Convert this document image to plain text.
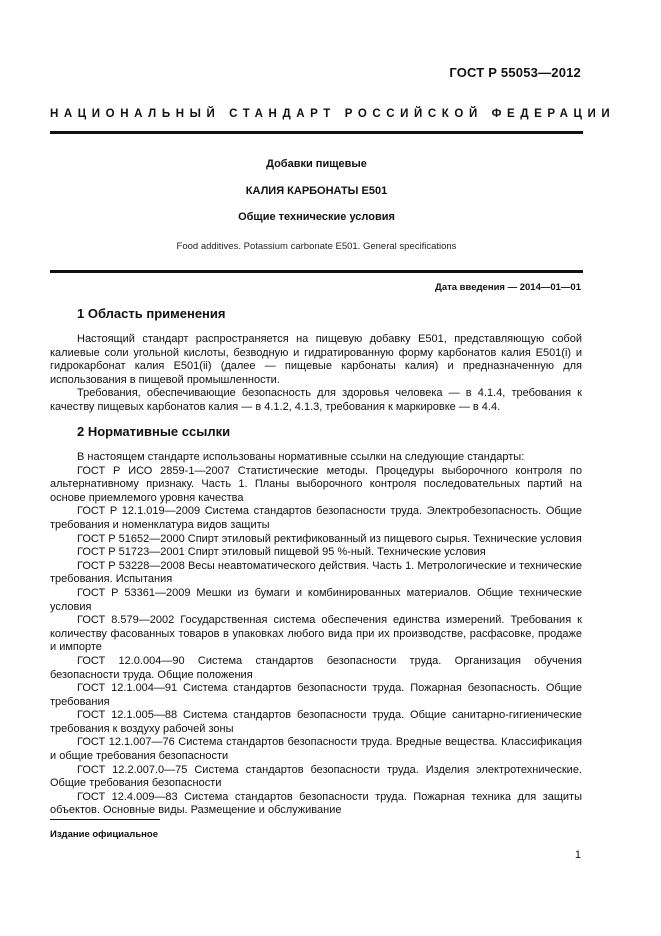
ГОСТ Р 55053—2012
НАЦИОНАЛЬНЫЙ СТАНДАРТ РОССИЙСКОЙ ФЕДЕРАЦИИ
Добавки пищевые
КАЛИЯ КАРБОНАТЫ Е501
Общие технические условия
Food additives. Potassium carbonate E501. General specifications
Дата введения — 2014—01—01
1 Область применения

Настоящий стандарт распространяется на пищевую добавку Е501, представляющую собой калиевые соли угольной кислоты, безводную и гидратированную форму карбонатов калия Е501(i) и гидрокарбонат калия Е501(ii) (далее — пищевые карбонаты калия) и предназначенную для использования в пищевой промышленности.

Требования, обеспечивающие безопасность для здоровья человека — в 4.1.4, требования к качеству пищевых карбонатов калия — в 4.1.2, 4.1.3, требования к маркировке — в 4.4.

2 Нормативные ссылки

В настоящем стандарте использованы нормативные ссылки на следующие стандарты:

ГОСТ Р ИСО 2859-1—2007 Статистические методы. Процедуры выборочного контроля по альтернативному признаку. Часть 1. Планы выборочного контроля последовательных партий на основе приемлемого уровня качества

ГОСТ Р 12.1.019—2009 Система стандартов безопасности труда. Электробезопасность. Общие требования и номенклатура видов защиты

ГОСТ Р 51652—2000 Спирт этиловый ректификованный из пищевого сырья. Технические условия

ГОСТ Р 51723—2001 Спирт этиловый пищевой 95 %-ный. Технические условия

ГОСТ Р 53228—2008 Весы неавтоматического действия. Часть 1. Метрологические и технические требования. Испытания

ГОСТ Р 53361—2009 Мешки из бумаги и комбинированных материалов. Общие технические условия

ГОСТ 8.579—2002 Государственная система обеспечения единства измерений. Требования к количеству фасованных товаров в упаковках любого вида при их производстве, расфасовке, продаже и импорте

ГОСТ 12.0.004—90 Система стандартов безопасности труда. Организация обучения безопасности труда. Общие положения

ГОСТ 12.1.004—91 Система стандартов безопасности труда. Пожарная безопасность. Общие требования

ГОСТ 12.1.005—88 Система стандартов безопасности труда. Общие санитарно-гигиенические требования к воздуху рабочей зоны

ГОСТ 12.1.007—76 Система стандартов безопасности труда. Вредные вещества. Классификация и общие требования безопасности

ГОСТ 12.2.007.0—75 Система стандартов безопасности труда. Изделия электротехнические. Общие требования безопасности

ГОСТ 12.4.009—83 Система стандартов безопасности труда. Пожарная техника для защиты объектов. Основные виды. Размещение и обслуживание

Издание официальное
1
